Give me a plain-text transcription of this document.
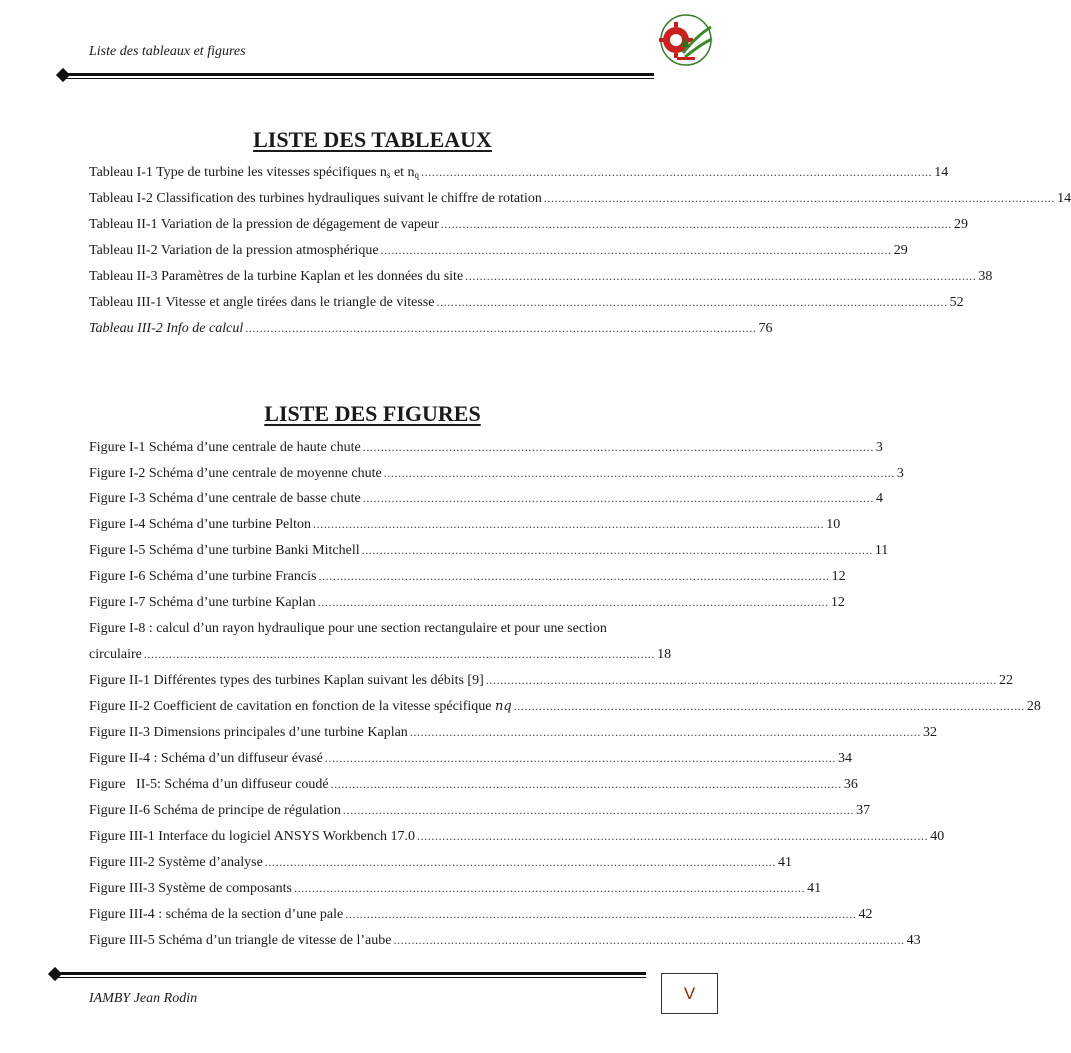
Liste des tableaux et figures
LISTE DES TABLEAUX
Tableau I-1 Type de turbine les vitesses spécifiques $n_s$ et $n_q$ .............................................................................................................................................. 14
Tableau I-2 Classification des turbines hydrauliques suivant le chiffre de rotation .............................................................................................................................................. 14
Tableau II-1 Variation de la pression de dégagement de vapeur .............................................................................................................................................. 29
Tableau II-2 Variation de la pression atmosphérique .............................................................................................................................................. 29
Tableau II-3 Paramètres de la turbine Kaplan et les données du site .............................................................................................................................................. 38
Tableau III-1 Vitesse et angle tirées dans le triangle de vitesse .............................................................................................................................................. 52
Tableau III-2 Info de calcul .............................................................................................................................................. 76
LISTE DES FIGURES
Figure I-1 Schéma d’une centrale de haute chute .............................................................................................................................................. 3
Figure I-2 Schéma d’une centrale de moyenne chute .............................................................................................................................................. 3
Figure I-3 Schéma d’une centrale de basse chute .............................................................................................................................................. 4
Figure I-4 Schéma d’une turbine Pelton .............................................................................................................................................. 10
Figure I-5 Schéma d’une turbine Banki Mitchell .............................................................................................................................................. 11
Figure I-6 Schéma d’une turbine Francis .............................................................................................................................................. 12
Figure I-7 Schéma d’une turbine Kaplan .............................................................................................................................................. 12
Figure I-8 : calcul d’un rayon hydraulique pour une section rectangulaire et pour une section
circulaire .............................................................................................................................................. 18
Figure II-1 Différentes types des turbines Kaplan suivant les débits [9] .............................................................................................................................................. 22
Figure II-2 Coefficient de cavitation en fonction de la vitesse spécifique nq .............................................................................................................................................. 28
Figure II-3 Dimensions principales d’une turbine Kaplan .............................................................................................................................................. 32
Figure II-4 : Schéma d’un diffuseur évasé .............................................................................................................................................. 34
Figure   II-5: Schéma d’un diffuseur coudé .............................................................................................................................................. 36
Figure II-6 Schéma de principe de régulation .............................................................................................................................................. 37
Figure III-1 Interface du logiciel ANSYS Workbench 17.0 .............................................................................................................................................. 40
Figure III-2 Système d’analyse .............................................................................................................................................. 41
Figure III-3 Système de composants .............................................................................................................................................. 41
Figure III-4 : schéma de la section d’une pale .............................................................................................................................................. 42
Figure III-5 Schéma d’un triangle de vitesse de l’aube .............................................................................................................................................. 43
IAMBY Jean Rodin	V
